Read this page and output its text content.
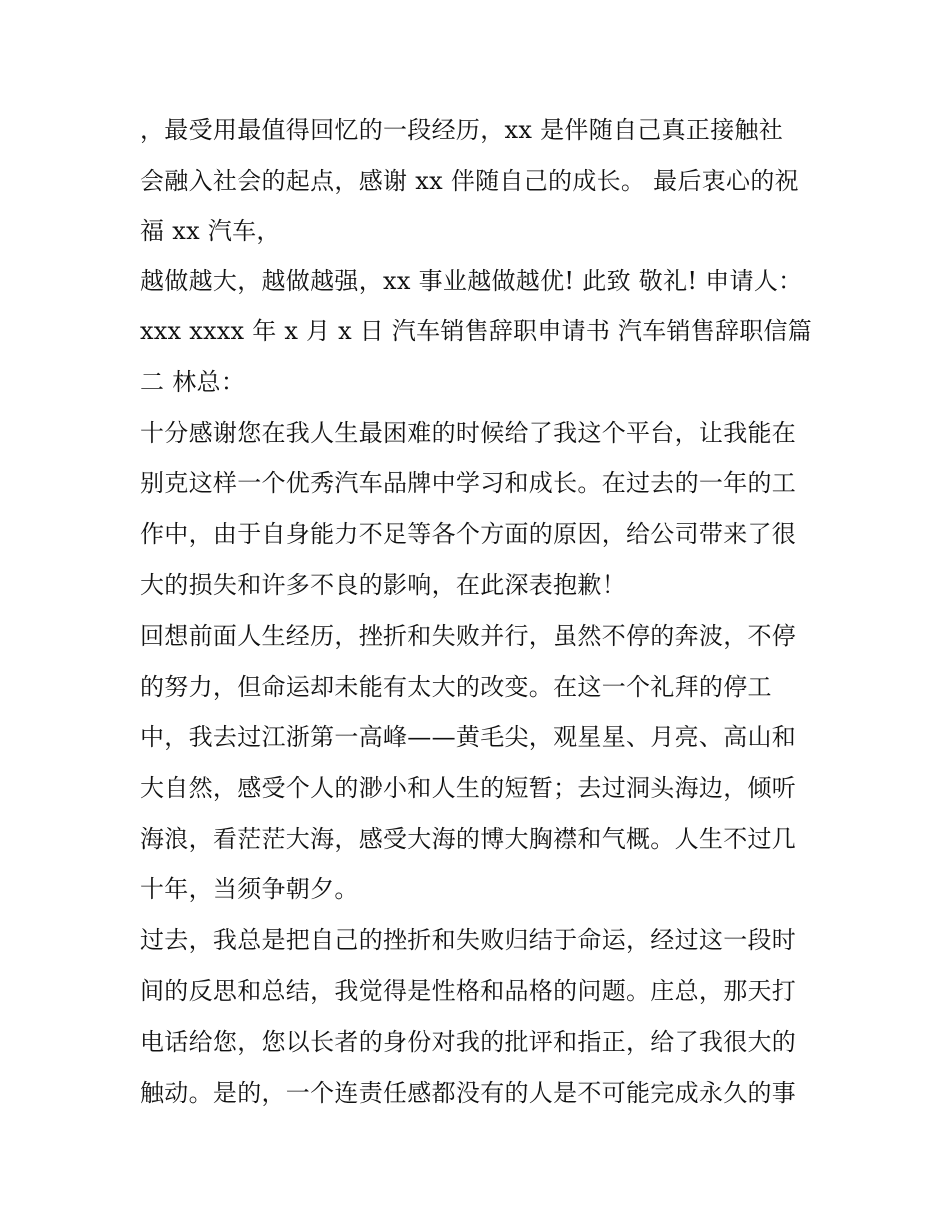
，最受用最值得回忆的一段经历，xx 是伴随自己真正接触社

会融入社会的起点，感谢 xx 伴随自己的成长。 最后衷心的祝

福 xx 汽车，

越做越大，越做越强，xx 事业越做越优! 此致 敬礼! 申请人：

xxx xxxx 年 x 月 x 日 汽车销售辞职申请书 汽车销售辞职信篇

二 林总：

十分感谢您在我人生最困难的时候给了我这个平台，让我能在

别克这样一个优秀汽车品牌中学习和成长。在过去的一年的工

作中，由于自身能力不足等各个方面的原因，给公司带来了很

大的损失和许多不良的影响，在此深表抱歉！

回想前面人生经历，挫折和失败并行，虽然不停的奔波，不停

的努力，但命运却未能有太大的改变。在这一个礼拜的停工

中，我去过江浙第一高峰——黄毛尖，观星星、月亮、高山和

大自然，感受个人的渺小和人生的短暂；去过洞头海边，倾听

海浪，看茫茫大海，感受大海的博大胸襟和气概。人生不过几

十年，当须争朝夕。

过去，我总是把自己的挫折和失败归结于命运，经过这一段时

间的反思和总结，我觉得是性格和品格的问题。庄总，那天打

电话给您，您以长者的身份对我的批评和指正，给了我很大的

触动。是的，一个连责任感都没有的人是不可能完成永久的事
